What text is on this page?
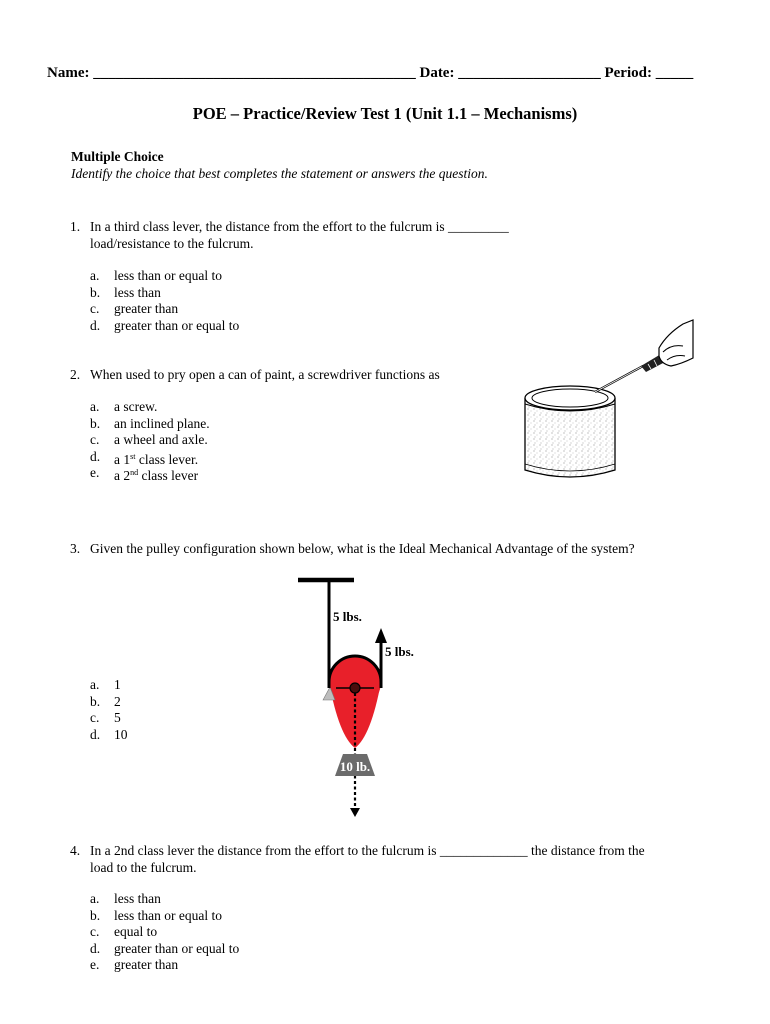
Name: ___________________________________________ Date: ___________________ Period: _____
POE – Practice/Review Test 1 (Unit 1.1 – Mechanisms)
Multiple Choice
Identify the choice that best completes the statement or answers the question.
1. In a third class lever, the distance from the effort to the fulcrum is _________
load/resistance to the fulcrum.
a. less than or equal to
b. less than
c. greater than
d. greater than or equal to
2. When used to pry open a can of paint, a screwdriver functions as
a. a screw.
b. an inclined plane.
c. a wheel and axle.
d. a 1st class lever.
e. a 2nd class lever
3. Given the pulley configuration shown below, what is the Ideal Mechanical Advantage of the system?
a. 1
b. 2
c. 5
d. 10
10 lb.
5 lbs.
5 lbs.
4. In a 2nd class lever the distance from the effort to the fulcrum is _____________ the distance from the
load to the fulcrum.
a. less than
b. less than or equal to
c. equal to
d. greater than or equal to
e. greater than
